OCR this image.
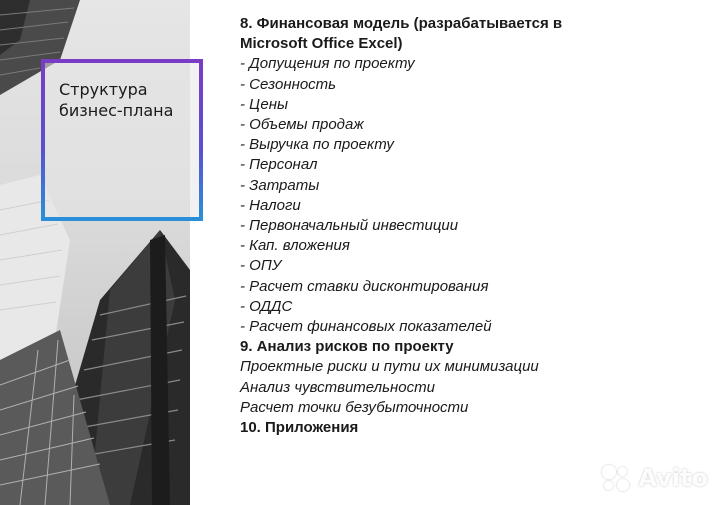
Структура
бизнес-плана
8. Финансовая модель (разрабатывается в
Microsoft Office Excel)
- Допущения по проекту
- Сезонность
- Цены
- Объемы продаж
- Выручка по проекту
- Персонал
- Затраты
- Налоги
- Первоначальный инвестиции
- Кап. вложения
- ОПУ
- Расчет ставки дисконтирования
- ОДДС
- Расчет финансовых показателей
9. Анализ рисков по проекту
Проектные риски и пути их минимизации
Анализ чувствительности
Расчет точки безубыточности
10. Приложения
Avito
